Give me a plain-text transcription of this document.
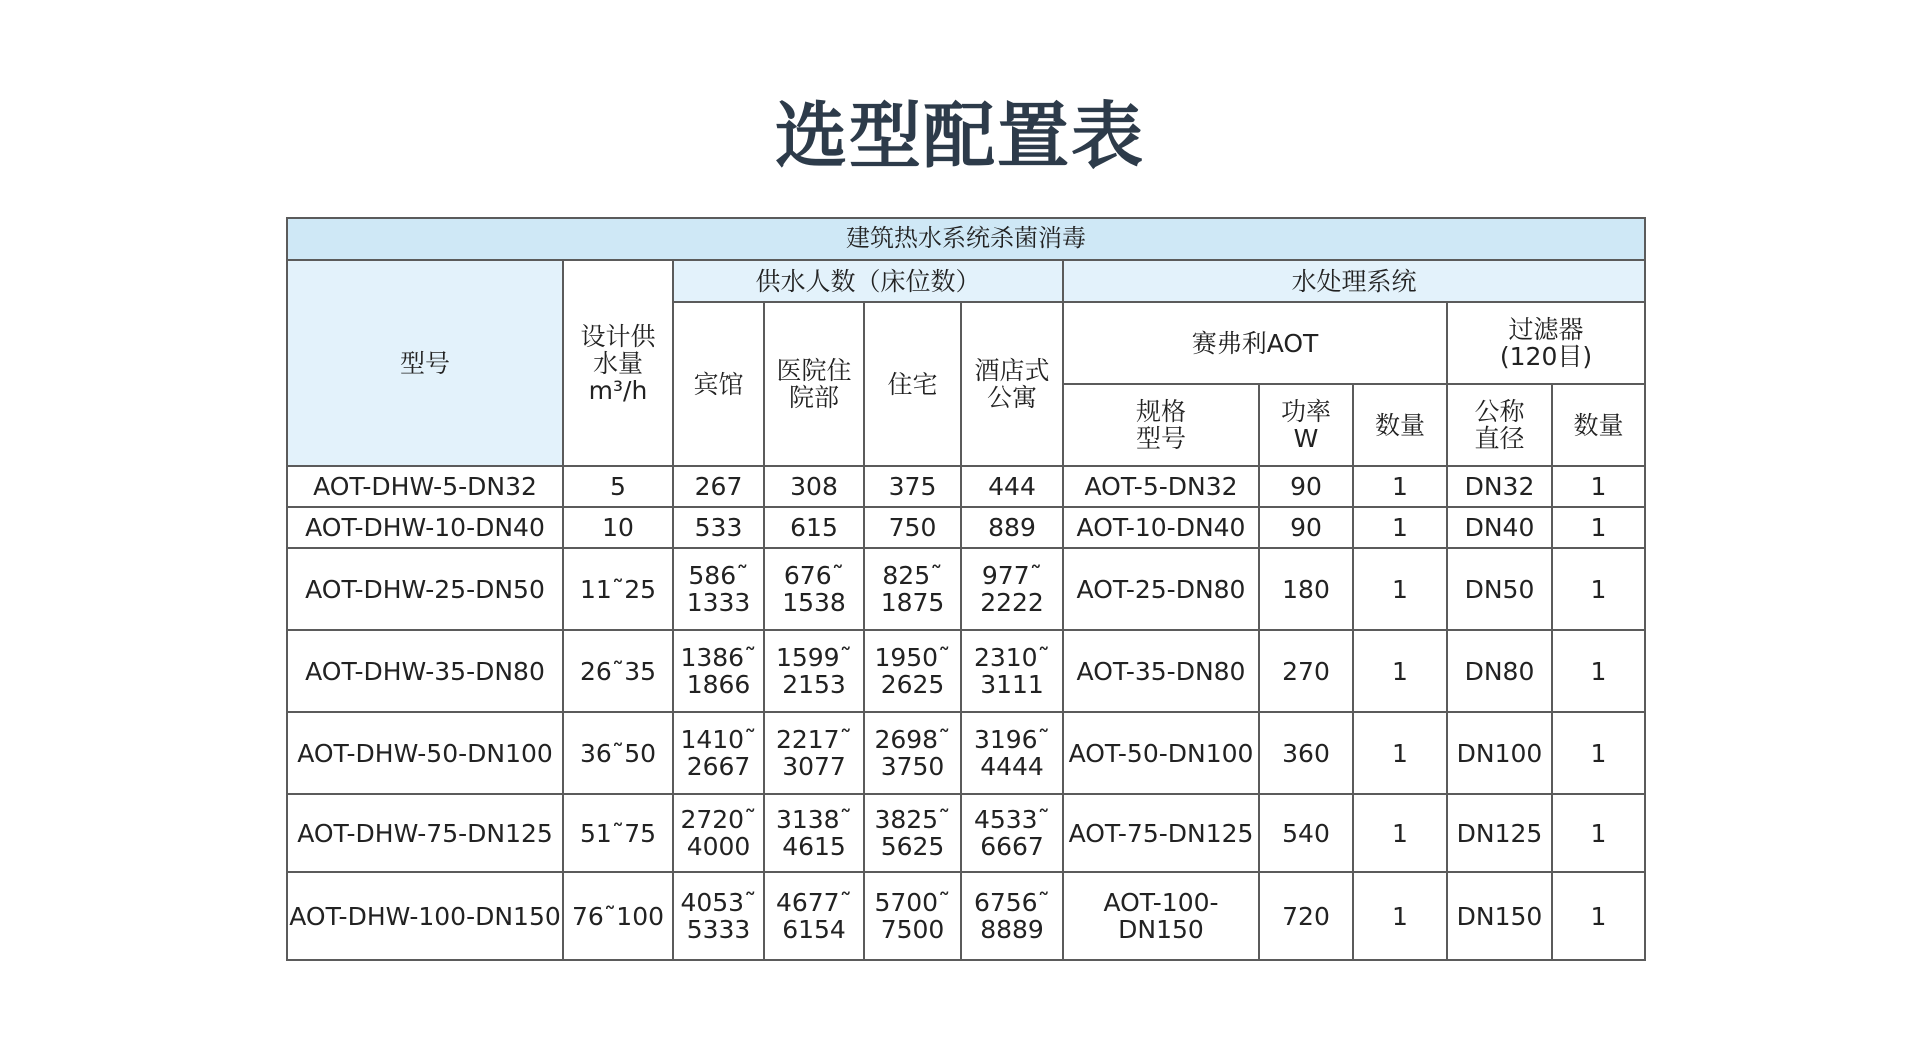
选型配置表
建筑热水系统杀菌消毒										
型号	设计供
水量
m³/h	供水人数（床位数）				水处理系统				
		宾馆	医院住
院部	住宅	酒店式
公寓	赛弗利AOT			过滤器
(120目)	

						规格
型号	功率
W	数量	公称
直径	数量
AOT-DHW-5-DN32	5	267	308	375	444	AOT-5-DN32	90	1	DN32	1
AOT-DHW-10-DN40	10	533	615	750	889	AOT-10-DN40	90	1	DN40	1
AOT-DHW-25-DN50	11˜25	586˜
1333	676˜
1538	825˜
1875	977˜
2222	AOT-25-DN80	180	1	DN50	1
AOT-DHW-35-DN80	26˜35	1386˜
1866	1599˜
2153	1950˜
2625	2310˜
3111	AOT-35-DN80	270	1	DN80	1
AOT-DHW-50-DN100	36˜50	1410˜
2667	2217˜
3077	2698˜
3750	3196˜
4444	AOT-50-DN100	360	1	DN100	1
AOT-DHW-75-DN125	51˜75	2720˜
4000	3138˜
4615	3825˜
5625	4533˜
6667	AOT-75-DN125	540	1	DN125	1
AOT-DHW-100-DN150	76˜100	4053˜
5333	4677˜
6154	5700˜
7500	6756˜
8889	AOT-100-DN150	720	1	DN150	1
